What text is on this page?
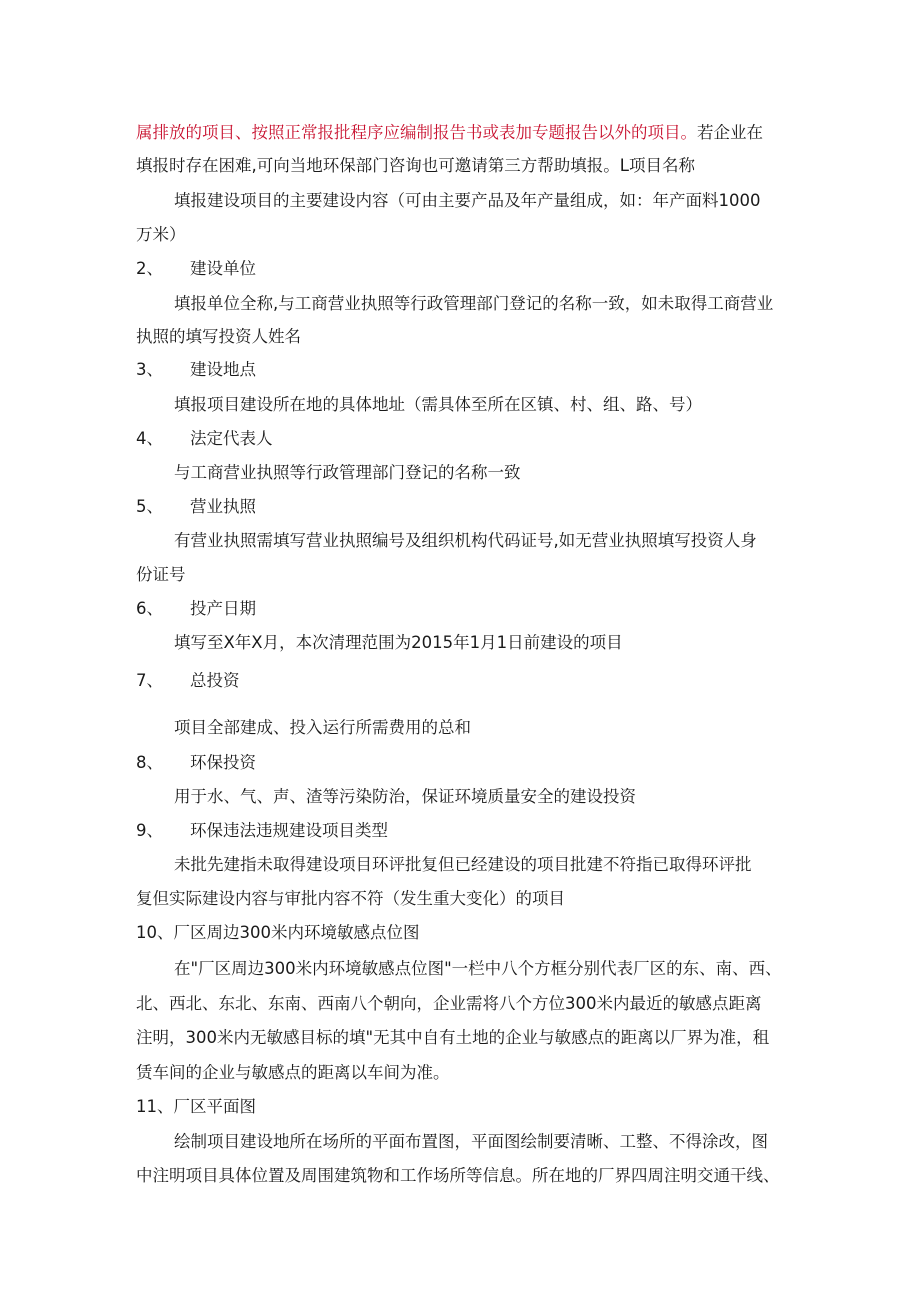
属排放的项目、按照正常报批程序应编制报告书或表加专题报告以外的项目。若企业在
填报时存在困难,可向当地环保部门咨询也可邀请第三方帮助填报。L项目名称
填报建设项目的主要建设内容（可由主要产品及年产量组成，如：年产面料1000
万米）
2、 建设单位
填报单位全称,与工商营业执照等行政管理部门登记的名称一致，如未取得工商营业
执照的填写投资人姓名
3、 建设地点
填报项目建设所在地的具体地址（需具体至所在区镇、村、组、路、号）
4、 法定代表人
与工商营业执照等行政管理部门登记的名称一致
5、 营业执照
有营业执照需填写营业执照编号及组织机构代码证号,如无营业执照填写投资人身
份证号
6、 投产日期
填写至X年X月，本次清理范围为2015年1月1日前建设的项目
7、 总投资
项目全部建成、投入运行所需费用的总和
8、 环保投资
用于水、气、声、渣等污染防治，保证环境质量安全的建设投资
9、 环保违法违规建设项目类型
未批先建指未取得建设项目环评批复但已经建设的项目批建不符指已取得环评批
复但实际建设内容与审批内容不符（发生重大变化）的项目
10、厂区周边300米内环境敏感点位图
在"厂区周边300米内环境敏感点位图"一栏中八个方框分别代表厂区的东、南、西、
北、西北、东北、东南、西南八个朝向，企业需将八个方位300米内最近的敏感点距离
注明，300米内无敏感目标的填"无其中自有土地的企业与敏感点的距离以厂界为准，租
赁车间的企业与敏感点的距离以车间为准。
11、厂区平面图
绘制项目建设地所在场所的平面布置图，平面图绘制要清晰、工整、不得涂改，图
中注明项目具体位置及周围建筑物和工作场所等信息。所在地的厂界四周注明交通干线、
